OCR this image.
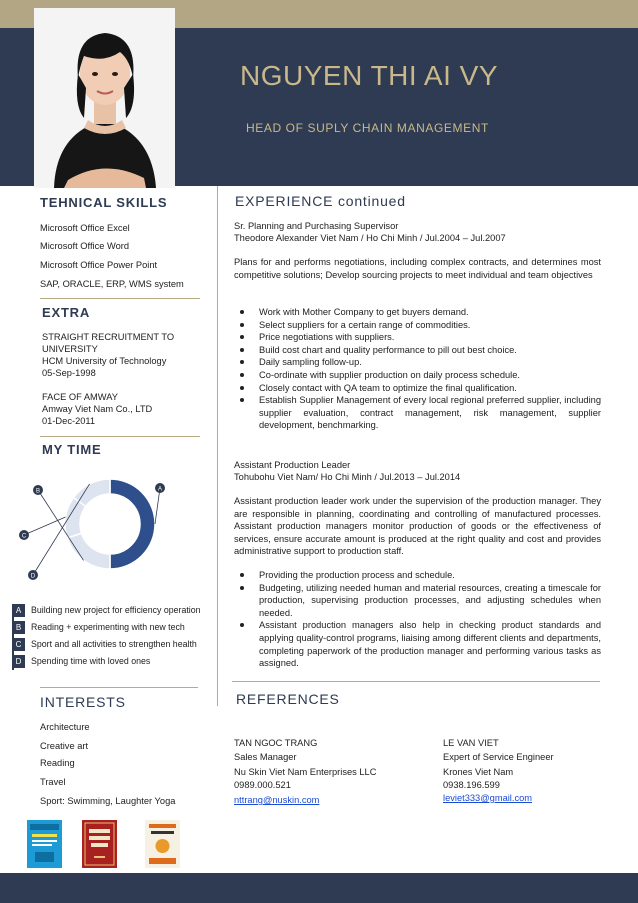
NGUYEN THI AI VY
HEAD OF SUPLY CHAIN MANAGEMENT
TEHNICAL SKILLS
Microsoft Office Excel
Microsoft Office Word
Microsoft Office Power Point
SAP, ORACLE, ERP, WMS system
EXTRA
STRAIGHT RECRUITMENT TO
UNIVERSITY
HCM University of Technology
05-Sep-1998
FACE OF AMWAY
Amway Viet Nam Co., LTD
01-Dec-2011
MY TIME
A
B
C
D
A Building new project for efficiency operation
B Reading + experimenting with new tech
C Sport and all activities to strengthen health
D Spending time with loved ones
INTERESTS
Architecture
Creative art
Reading
Travel
Sport: Swimming, Laughter Yoga
EXPERIENCE continued
Sr. Planning and Purchasing Supervisor
Theodore Alexander Viet Nam / Ho Chi Minh / Jul.2004 – Jul.2007
Plans for and performs negotiations, including complex contracts, and determines most competitive solutions; Develop sourcing projects to meet individual and team objectives
Work with Mother Company to get buyers demand.
Select suppliers for a certain range of commodities.
Price negotiations with suppliers.
Build cost chart and quality performance to pill out best choice.
Daily sampling follow-up.
Co-ordinate with supplier production on daily process schedule.
Closely contact with QA team to optimize the final qualification.
Establish Supplier Management of every local regional preferred supplier, including supplier evaluation, contract management, risk management, supplier development, benchmarking.
Assistant Production Leader
Tohubohu Viet Nam/ Ho Chi Minh / Jul.2013 – Jul.2014
Assistant production leader work under the supervision of the production manager. They are responsible in planning, coordinating and controlling of manufactured processes. Assistant production managers monitor production of goods or the effectiveness of services, ensure accurate amount is produced at the right quality and cost and provides administrative support to production staff.
Providing the production process and schedule.
Budgeting, utilizing needed human and material resources, creating a timescale for production, supervising production processes, and adjusting schedules when needed.
Assistant production managers also help in checking product standards and applying quality-control programs, liaising among different clients and departments, completing paperwork of the production manager and performing various tasks as assigned.
REFERENCES
TAN NGOC TRANG
Sales Manager
Nu Skin Viet Nam Enterprises LLC
0989.000.521
nttrang@nuskin.com
LE VAN VIET
Expert of Service Engineer
Krones Viet Nam
0938.196.599
leviet333@gmail.com
